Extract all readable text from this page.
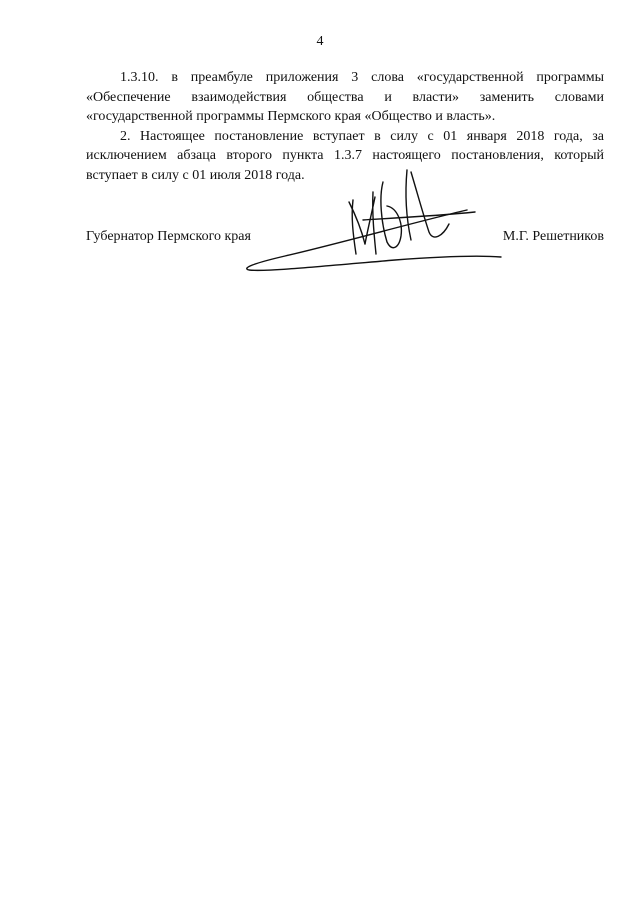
4

1.3.10. в преамбуле приложения 3 слова «государственной программы «Обеспечение взаимодействия общества и власти» заменить словами «государственной программы Пермского края «Общество и власть».

2. Настоящее постановление вступает в силу с 01 января 2018 года, за исключением абзаца второго пункта 1.3.7 настоящего постановления, который вступает в силу с 01 июля 2018 года.

Губернатор Пермского края	М.Г. Решетников
